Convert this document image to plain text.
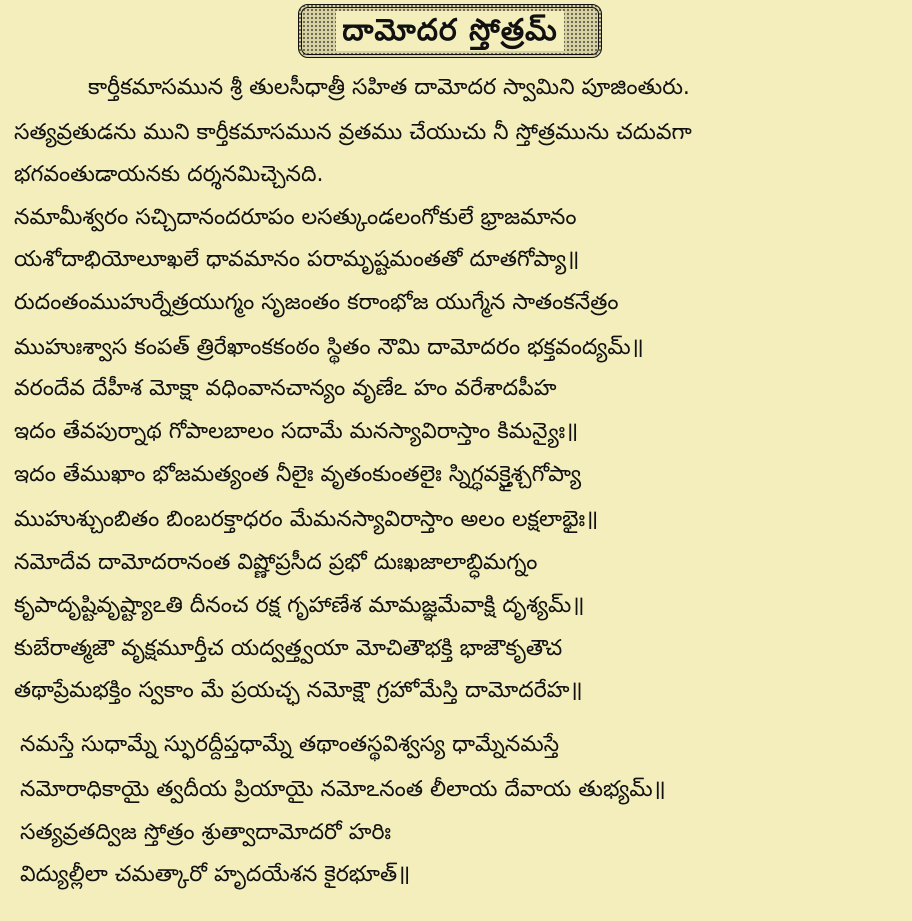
దామోదర స్తోత్రమ్
కార్తీకమాసమున శ్రీ తులసీధాత్రీ సహిత దామోదర స్వామిని పూజింతురు.
సత్యవ్రతుడను ముని కార్తీకమాసమున వ్రతము చేయుచు నీ స్తోత్రమును చదువగా
భగవంతుడాయనకు దర్శనమిచ్చెనది.
నమామీశ్వరం సచ్చిదానందరూపం లసత్కుండలంగోకులే భ్రాజమానం
యశోదాభియోలూఖలే ధావమానం పరామృష్టమంతతో దూతగోప్యా॥
రుదంతంముహుర్నేత్రయుగ్మం సృజంతం కరాంభోజ యుగ్మేన సాతంకనేత్రం
ముహుఃశ్వాస కంపత్ త్రిరేఖాంకకంఠం స్థితం నౌమి దామోదరం భక్తవంద్యమ్॥
వరందేవ దేహీశ మోక్షా వధింవానచాన్యం వృణేఽ హం వరేశాదపీహ
ఇదం తేవపుర్నాథ గోపాలబాలం సదామే మనస్యావిరాస్తాం కిమన్యైః॥
ఇదం తేముఖాం భోజమత్యంత నీలైః వృతంకుంతలైః స్నిగ్ధవక్త్రైశ్చగోప్యా
ముహుశ్చుంబితం బింబరక్తాధరం మేమనస్యావిరాస్తాం అలం లక్షలాభైః॥
నమోదేవ దామోదరానంత విష్ణోప్రసీద ప్రభో దుఃఖజాలాబ్ధిమగ్నం
కృపాదృష్టివృష్ట్యాఽతి దీనంచ రక్ష గృహాణేశ మామజ్ఞమేవాక్షి దృశ్యమ్॥
కుబేరాత్మజౌ వృక్షమూర్తీచ యద్వత్త్వయా మోచితౌభక్తి భాజౌకృతౌచ
తథాప్రేమభక్తిం స్వకాం మే ప్రయచ్ఛ నమోక్షౌ గ్రహోమేస్తి దామోదరేహ॥
నమస్తే సుధామ్నే స్ఫురద్దీప్తధామ్నే తథాంతస్థవిశ్వస్య ధామ్నేనమస్తే
నమోరాధికాయై త్వదీయ ప్రియాయై నమోఽనంత లీలాయ దేవాయ తుభ్యమ్॥
సత్యవ్రతద్విజ స్తోత్రం శ్రుత్వాదామోదరో హరిః
విద్యుల్లీలా చమత్కారో హృదయేశన కైరభూత్॥
